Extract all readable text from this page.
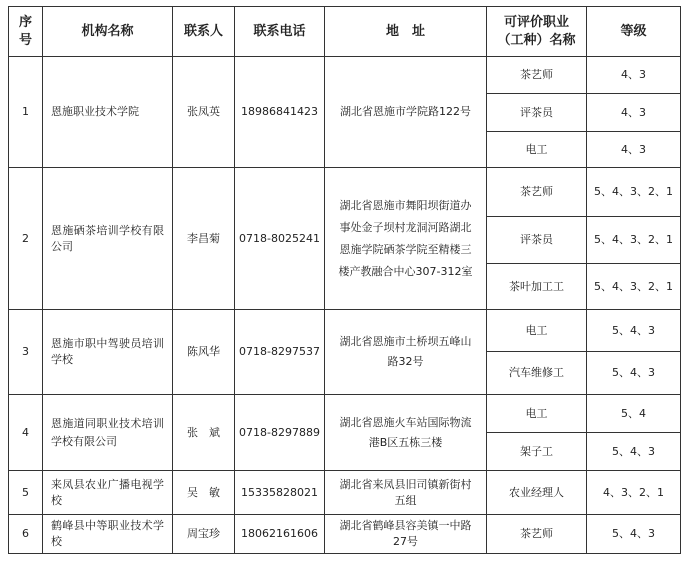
序号	机构名称	联系人	联系电话	地　址	可评价职业（工种）名称	等级
1	恩施职业技术学院	张凤英	18986841423	湖北省恩施市学院路122号	茶艺师	4、3
					评茶员	4、3
					电工	4、3
2	恩施硒茶培训学校有限公司	李昌菊	0718-8025241	湖北省恩施市舞阳坝街道办事处金子坝村龙洞河路湖北恩施学院硒茶学院至精楼三楼产教融合中心307-312室	茶艺师	5、4、3、2、1
					评茶员	5、4、3、2、1
					茶叶加工工	5、4、3、2、1
3	恩施市职中驾驶员培训学校	陈风华	0718-8297537	湖北省恩施市土桥坝五峰山路32号	电工	5、4、3
					汽车维修工	5、4、3
4	恩施道同职业技术培训学校有限公司	张　斌	0718-8297889	湖北省恩施火车站国际物流港B区五栋三楼	电工	5、4
					架子工	5、4、3
5	来凤县农业广播电视学校	吴　敏	15335828021	湖北省来凤县旧司镇新街村五组	农业经理人	4、3、2、1
6	鹤峰县中等职业技术学校	周宝珍	18062161606	湖北省鹤峰县容美镇一中路27号	茶艺师	5、4、3
